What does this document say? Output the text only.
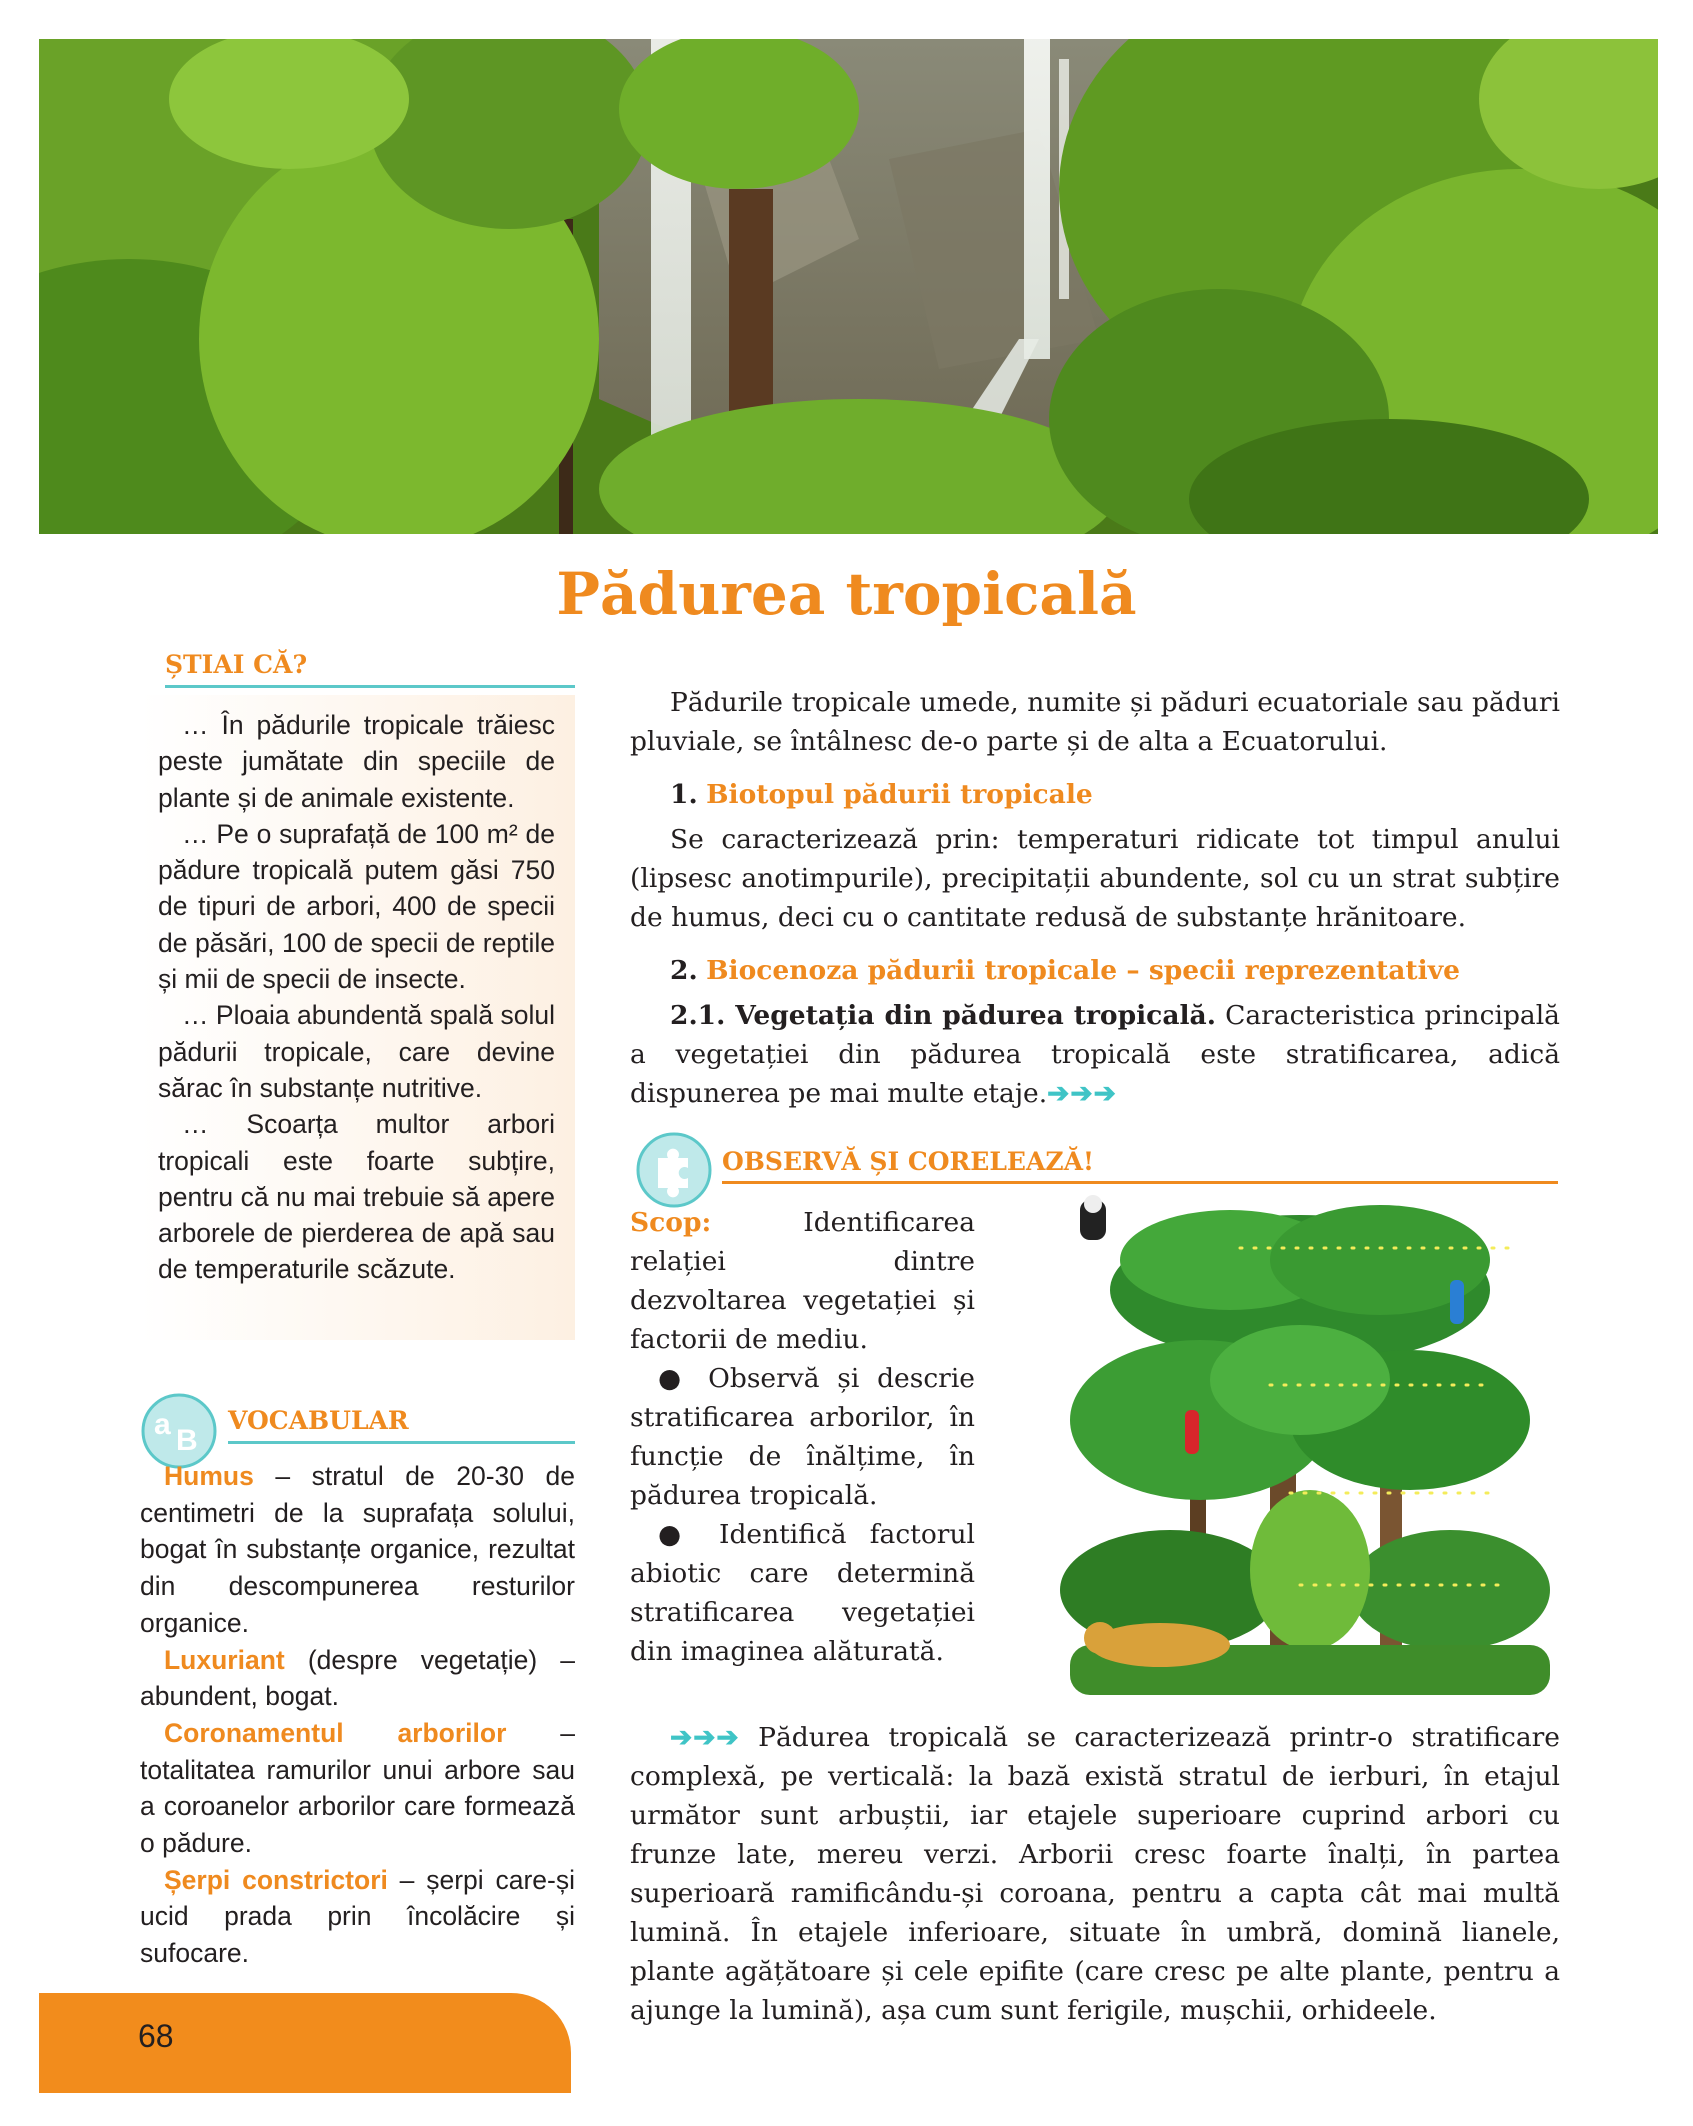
Pădurea tropicală
ȘTIAI CĂ?

… În pădurile tropicale trăiesc peste jumătate din speciile de plante și de animale existente.

… Pe o suprafață de 100 m² de pădure tropicală putem găsi 750 de tipuri de arbori, 400 de specii de păsări, 100 de specii de reptile și mii de specii de insecte.

… Ploaia abundentă spală solul pădurii tropicale, care devine sărac în substanțe nutritive.

… Scoarța multor arbori tropicali este foarte subțire, pentru că nu mai trebuie să apere arborele de pierderea de apă sau de temperaturile scăzute.

a B
VOCABULAR

Humus – stratul de 20-30 de centimetri de la suprafața solului, bogat în substanțe organice, rezultat din descompunerea resturilor organice.

Luxuriant (despre vegetație) – abundent, bogat.

Coronamentul arborilor – totalitatea ramurilor unui arbore sau a coroanelor arborilor care formează o pădure.

Șerpi constrictori – șerpi care-și ucid prada prin încolăcire și sufocare.

68

Pădurile tropicale umede, numite și păduri ecuatoriale sau păduri pluviale, se întâlnesc de-o parte și de alta a Ecuatorului.

1. Biotopul pădurii tropicale

Se caracterizează prin: temperaturi ridicate tot timpul anului (lipsesc anotimpurile), precipitații abundente, sol cu un strat subțire de humus, deci cu o cantitate redusă de substanțe hrănitoare.

2. Biocenoza pădurii tropicale – specii reprezentative

2.1. Vegetația din pădurea tropicală. Caracteristica principală a vegetației din pădurea tropicală este stratificarea, adică dispunerea pe mai multe etaje.➔➔➔

OBSERVĂ ȘI CORELEAZĂ!

Scop: Identificarea relației dintre dezvoltarea vegetației și factorii de mediu.

● Observă și descrie stratificarea arborilor, în funcție de înălțime, în pădurea tropicală.

● Identifică factorul abiotic care determină stratificarea vegetației din imaginea alăturată.

➔➔➔ Pădurea tropicală se caracterizează printr-o stratificare complexă, pe verticală: la bază există stratul de ierburi, în etajul următor sunt arbuștii, iar etajele superioare cuprind arbori cu frunze late, mereu verzi. Arborii cresc foarte înalți, în partea superioară ramificându-și coroana, pentru a capta cât mai multă lumină. În etajele inferioare, situate în umbră, domină lianele, plante agățătoare și cele epifite (care cresc pe alte plante, pentru a ajunge la lumină), așa cum sunt ferigile, mușchii, orhideele.
